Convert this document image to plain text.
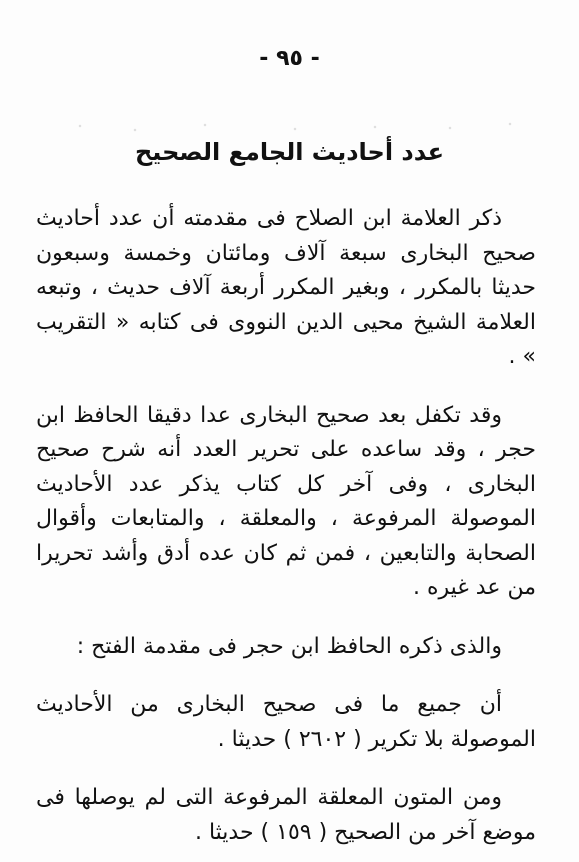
- ٩٥ -
عدد أحاديث الجامع الصحيح

ذكر العلامة ابن الصلاح فى مقدمته أن عدد أحاديث صحيح البخارى سبعة آلاف ومائتان وخمسة وسبعون حديثا بالمكرر ، وبغير المكرر أربعة آلاف حديث ، وتبعه العلامة الشيخ محيى الدين النووى فى كتابه « التقريب » .

وقد تكفل بعد صحيح البخارى عدا دقيقا الحافظ ابن حجر ، وقد ساعده على تحرير العدد أنه شرح صحيح البخارى ، وفى آخر كل كتاب يذكر عدد الأحاديث الموصولة المرفوعة ، والمعلقة ، والمتابعات وأقوال الصحابة والتابعين ، فمن ثم كان عده أدق وأشد تحريرا من عد غيره .

والذى ذكره الحافظ ابن حجر فى مقدمة الفتح :

أن جميع ما فى صحيح البخارى من الأحاديث الموصولة بلا تكرير ( ٢٦٠٢ ) حديثا .

ومن المتون المعلقة المرفوعة التى لم يوصلها فى موضع آخر من الصحيح ( ١٥٩ ) حديثا .
